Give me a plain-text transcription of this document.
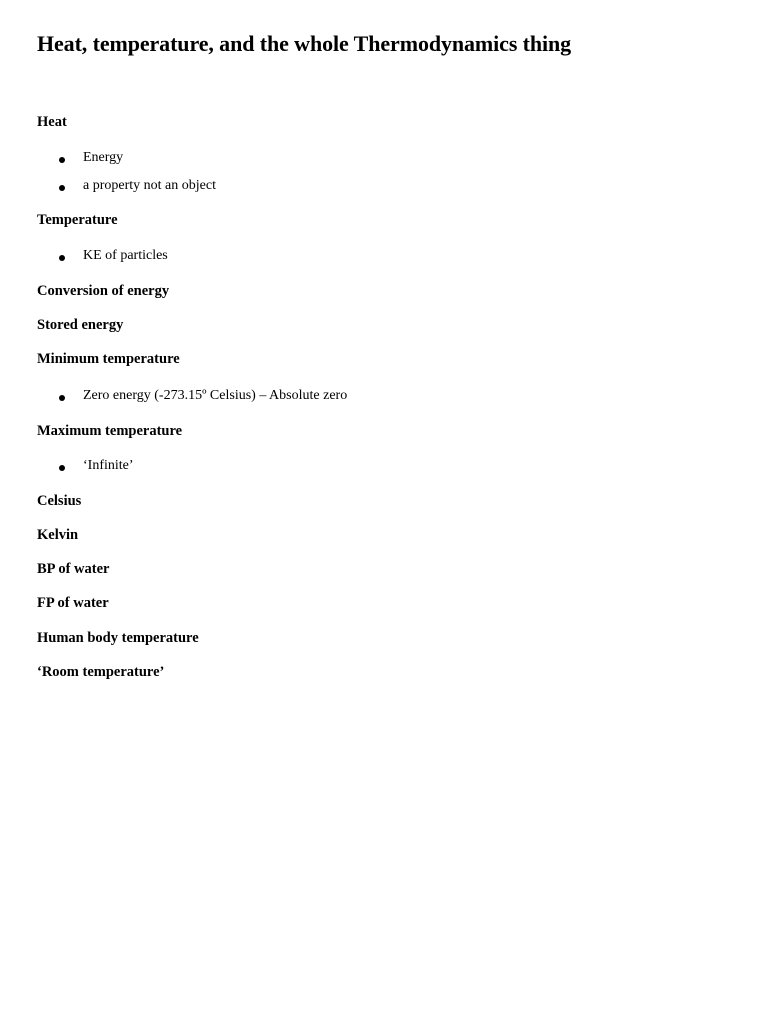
Heat, temperature, and the whole Thermodynamics thing

Heat

Energy
a property not an object

Temperature

KE of particles

Conversion of energy

Stored energy

Minimum temperature

Zero energy (-273.15º Celsius) – Absolute zero

Maximum temperature

‘Infinite’

Celsius

Kelvin

BP of water

FP of water

Human body temperature

‘Room temperature’
